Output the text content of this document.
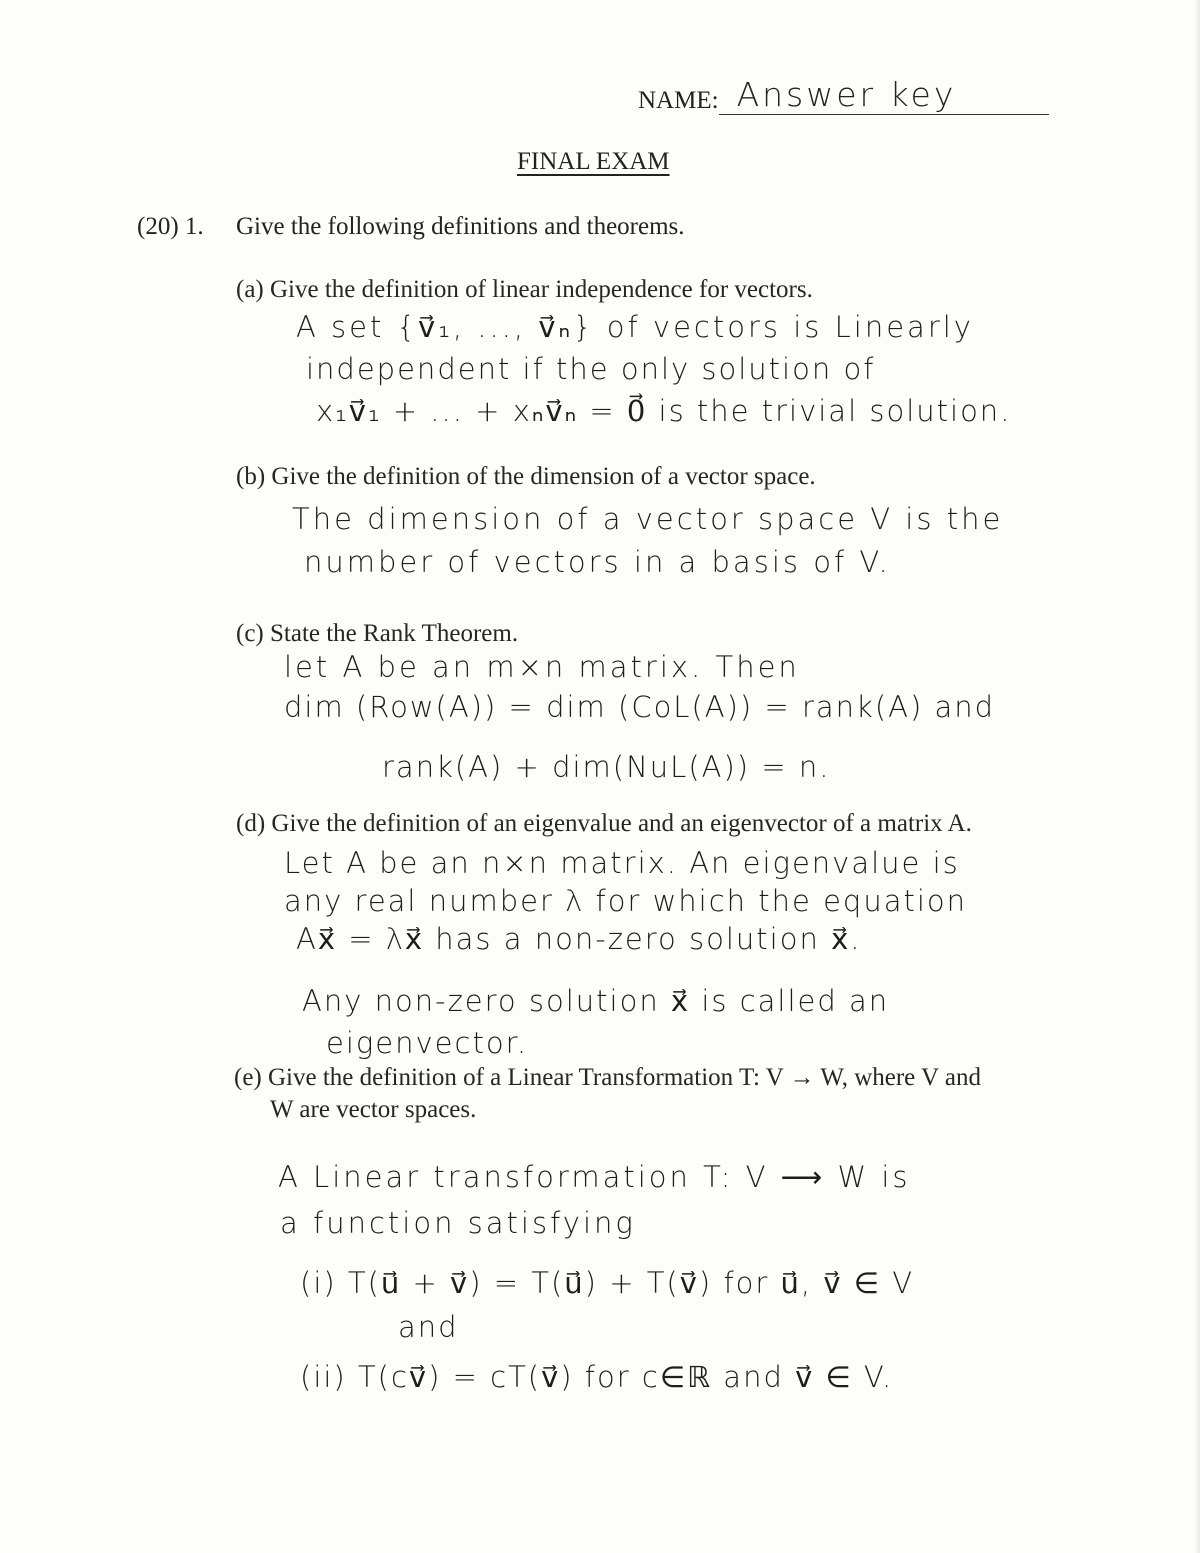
NAME: Answer key
FINAL EXAM
(20) 1. Give the following definitions and theorems.
(a) Give the definition of linear independence for vectors.
A set {v⃗₁, ..., v⃗ₙ} of vectors is Linearly
independent if the only solution of
x₁v⃗₁ + ... + xₙv⃗ₙ = 0⃗ is the trivial solution.
(b) Give the definition of the dimension of a vector space.
The dimension of a vector space V is the
number of vectors in a basis of V.
(c) State the Rank Theorem.
let A be an m×n matrix. Then
dim (Row(A)) = dim (CoL(A)) = rank(A) and
rank(A) + dim(NuL(A)) = n.
(d) Give the definition of an eigenvalue and an eigenvector of a matrix A.
Let A be an n×n matrix. An eigenvalue is
any real number λ for which the equation
Ax⃗ = λx⃗ has a non-zero solution x⃗.
Any non-zero solution x⃗ is called an
eigenvector.
(e) Give the definition of a Linear Transformation T: V → W, where V and
W are vector spaces.
A Linear transformation T: V ⟶ W is
a function satisfying
(i) T(u⃗ + v⃗) = T(u⃗) + T(v⃗) for u⃗, v⃗ ∈ V
and
(ii) T(cv⃗) = cT(v⃗) for c∈ℝ and v⃗ ∈ V.
